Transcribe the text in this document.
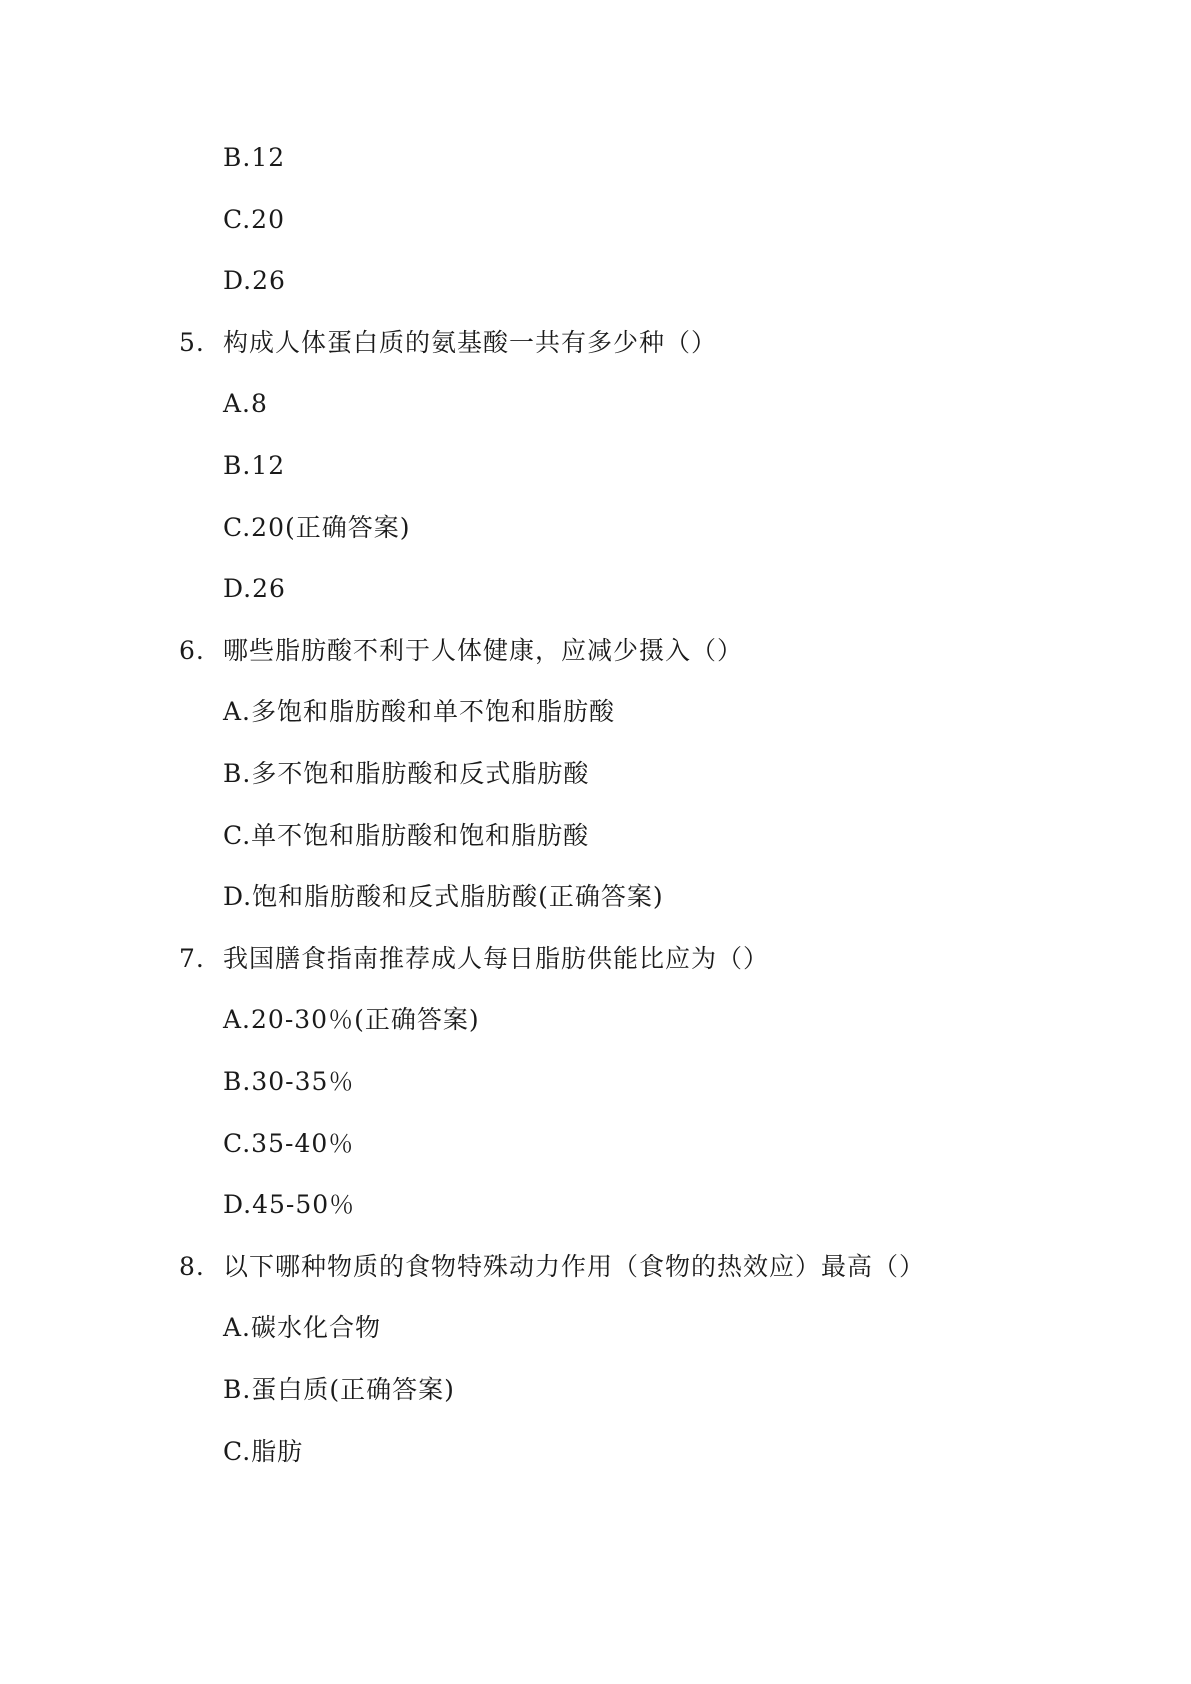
B.12
C.20
D.26
5. 构成人体蛋白质的氨基酸一共有多少种（）
A.8
B.12
C.20(正确答案)
D.26
6. 哪些脂肪酸不利于人体健康，应减少摄入（）
A.多饱和脂肪酸和单不饱和脂肪酸
B.多不饱和脂肪酸和反式脂肪酸
C.单不饱和脂肪酸和饱和脂肪酸
D.饱和脂肪酸和反式脂肪酸(正确答案)
7. 我国膳食指南推荐成人每日脂肪供能比应为（）
A.20-30％(正确答案)
B.30-35％
C.35-40％
D.45-50％
8. 以下哪种物质的食物特殊动力作用（食物的热效应）最高（）
A.碳水化合物
B.蛋白质(正确答案)
C.脂肪
